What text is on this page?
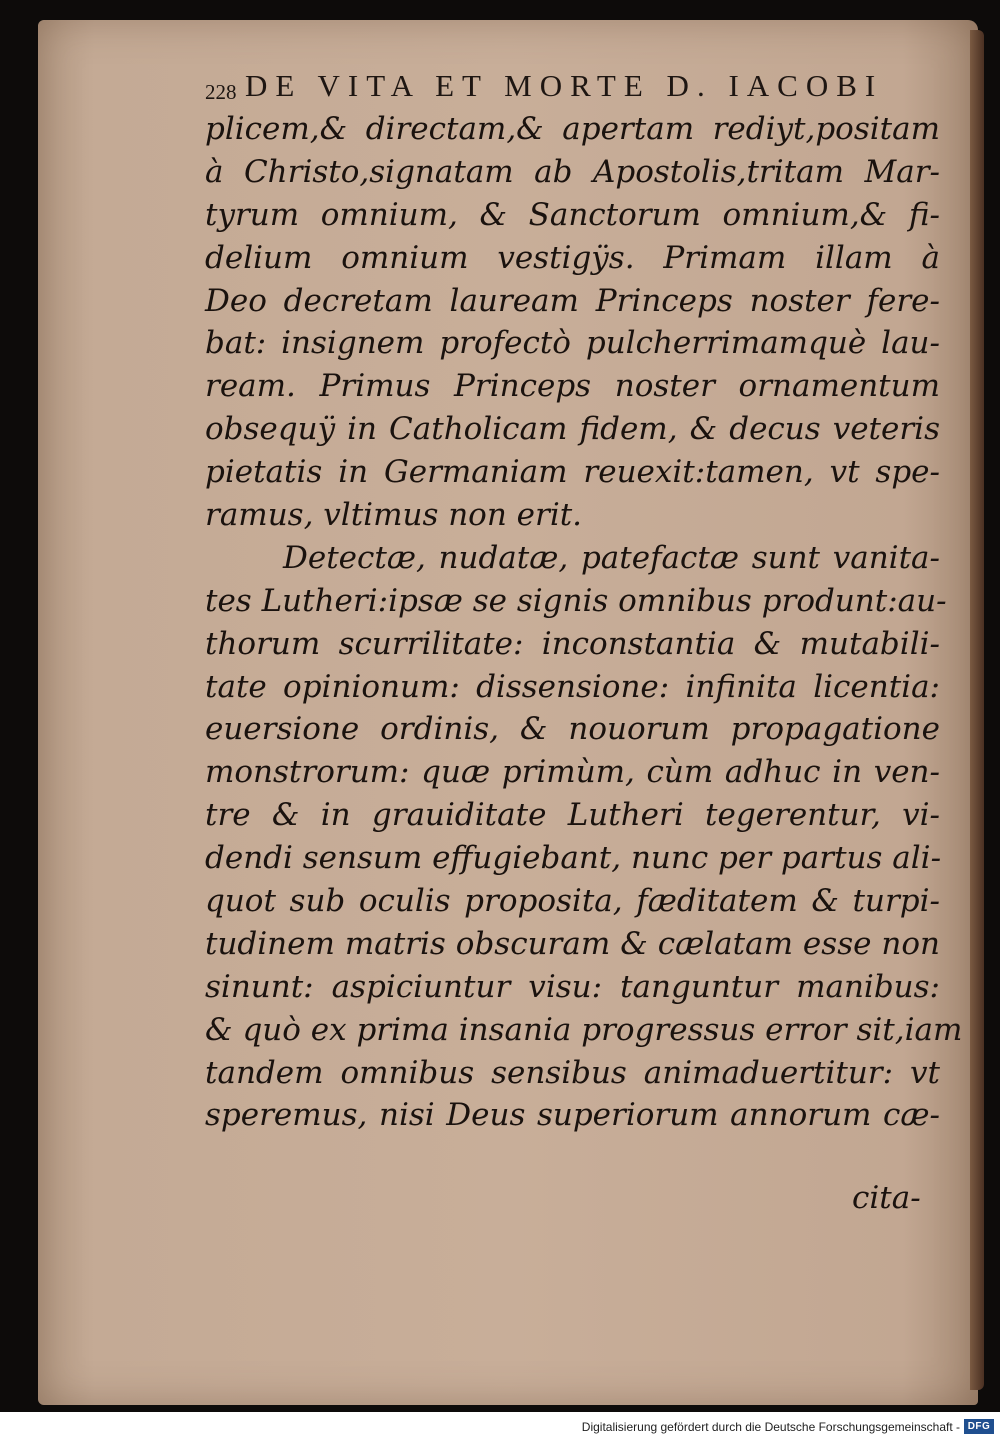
228 DE VITA ET MORTE D. IACOBI
plicem,& directam,& apertam rediyt,positam
à Christo,signatam ab Apostolis,tritam Mar-
tyrum omnium, & Sanctorum omnium,& fi-
delium omnium vestigÿs. Primam illam à
Deo decretam lauream Princeps noster fere-
bat: insignem profectò pulcherrimamquè lau-
ream. Primus Princeps noster ornamentum
obsequÿ in Catholicam fidem, & decus veteris
pietatis in Germaniam reuexit:tamen, vt spe-
ramus, vltimus non erit.
Detectæ, nudatæ, patefactæ sunt vanita-
tes Lutheri:ipsæ se signis omnibus produnt:au-
thorum scurrilitate: inconstantia & mutabili-
tate opinionum: dissensione: infinita licentia:
euersione ordinis, & nouorum propagatione
monstrorum: quæ primùm, cùm adhuc in ven-
tre & in grauiditate Lutheri tegerentur, vi-
dendi sensum effugiebant, nunc per partus ali-
quot sub oculis proposita, fæditatem & turpi-
tudinem matris obscuram & cælatam esse non
sinunt: aspiciuntur visu: tanguntur manibus:
& quò ex prima insania progressus error sit,iam
tandem omnibus sensibus animaduertitur: vt
speremus, nisi Deus superiorum annorum cæ-
cita-
Digitalisierung gefördert durch die Deutsche Forschungsgemeinschaft - DFG
